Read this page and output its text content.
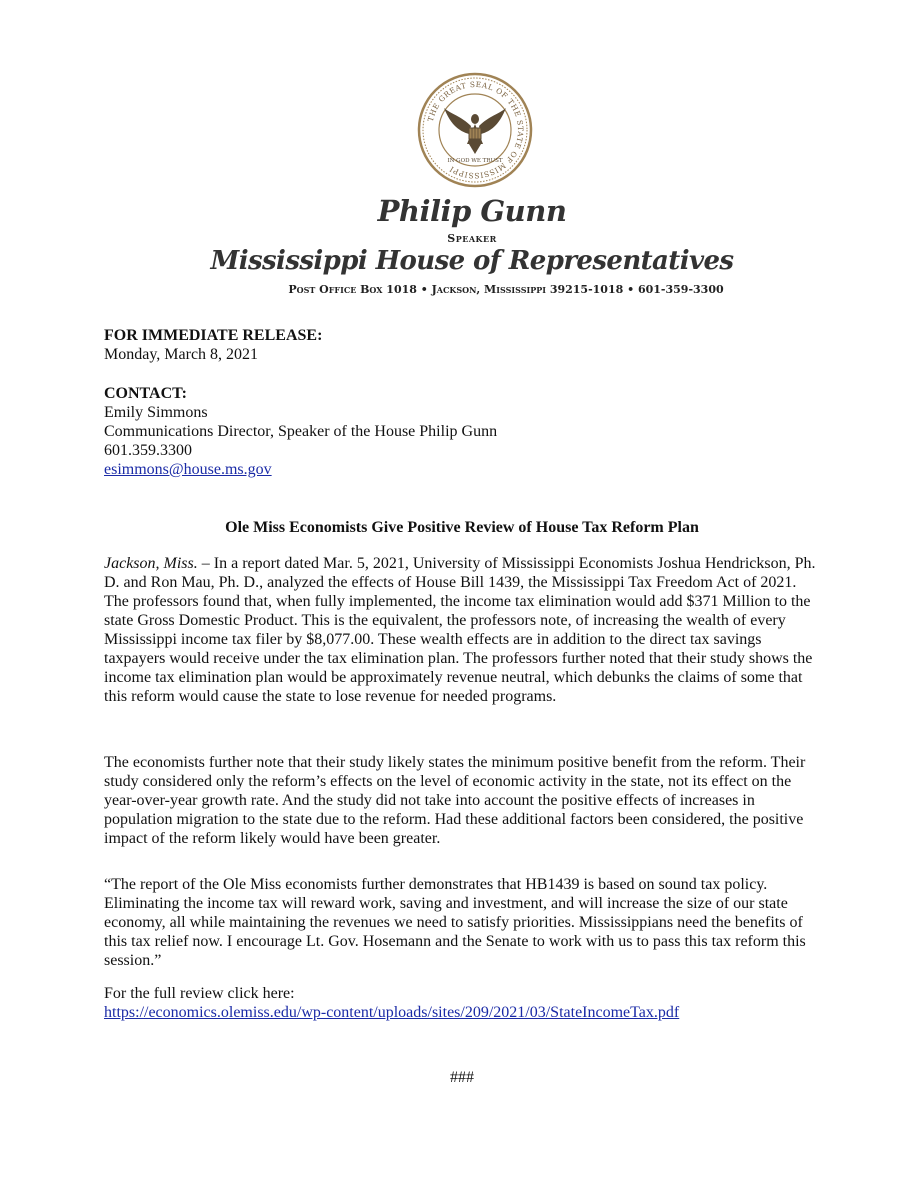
THE GREAT SEAL OF THE STATE OF MISSISSIPPI
IN GOD WE TRUST
Philip Gunn
Speaker
Mississippi House of Representatives
Post Office Box 1018 • Jackson, Mississippi 39215-1018 • 601-359-3300
FOR IMMEDIATE RELEASE:
Monday, March 8, 2021
CONTACT:
Emily Simmons
Communications Director, Speaker of the House Philip Gunn
601.359.3300
esimmons@house.ms.gov
Ole Miss Economists Give Positive Review of House Tax Reform Plan

Jackson, Miss. – In a report dated Mar. 5, 2021, University of Mississippi Economists Joshua Hendrickson, Ph. D. and Ron Mau, Ph. D., analyzed the effects of House Bill 1439, the Mississippi Tax Freedom Act of 2021. The professors found that, when fully implemented, the income tax elimination would add $371 Million to the state Gross Domestic Product. This is the equivalent, the professors note, of increasing the wealth of every Mississippi income tax filer by $8,077.00. These wealth effects are in addition to the direct tax savings taxpayers would receive under the tax elimination plan. The professors further noted that their study shows the income tax elimination plan would be approximately revenue neutral, which debunks the claims of some that this reform would cause the state to lose revenue for needed programs.

The economists further note that their study likely states the minimum positive benefit from the reform. Their study considered only the reform’s effects on the level of economic activity in the state, not its effect on the year-over-year growth rate. And the study did not take into account the positive effects of increases in population migration to the state due to the reform. Had these additional factors been considered, the positive impact of the reform likely would have been greater.

“The report of the Ole Miss economists further demonstrates that HB1439 is based on sound tax policy. Eliminating the income tax will reward work, saving and investment, and will increase the size of our state economy, all while maintaining the revenues we need to satisfy priorities. Mississippians need the benefits of this tax relief now. I encourage Lt. Gov. Hosemann and the Senate to work with us to pass this tax reform this session.”

For the full review click here:
https://economics.olemiss.edu/wp-content/uploads/sites/209/2021/03/StateIncomeTax.pdf
###
